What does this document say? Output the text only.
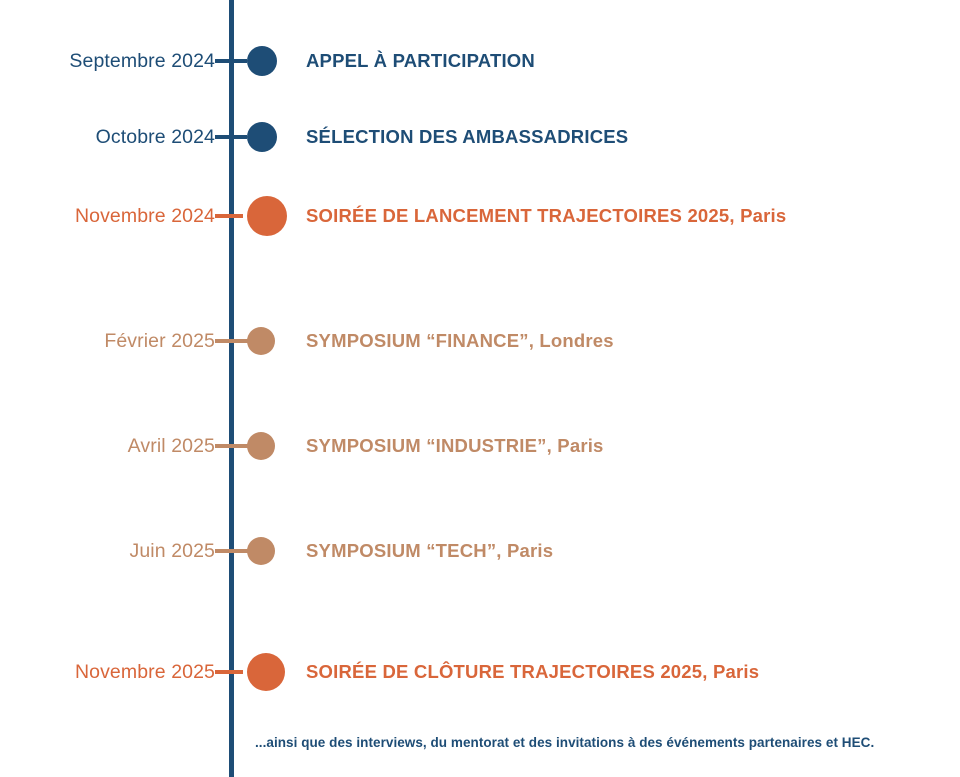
Septembre 2024	APPEL À PARTICIPATION
Octobre 2024	SÉLECTION DES AMBASSADRICES
Novembre 2024	SOIRÉE DE LANCEMENT TRAJECTOIRES 2025, Paris
Février 2025	SYMPOSIUM “FINANCE”, Londres
Avril 2025	SYMPOSIUM “INDUSTRIE”, Paris
Juin 2025	SYMPOSIUM “TECH”, Paris
Novembre 2025	SOIRÉE DE CLÔTURE TRAJECTOIRES 2025, Paris
...ainsi que des interviews, du mentorat et des invitations à des événements partenaires et HEC.
